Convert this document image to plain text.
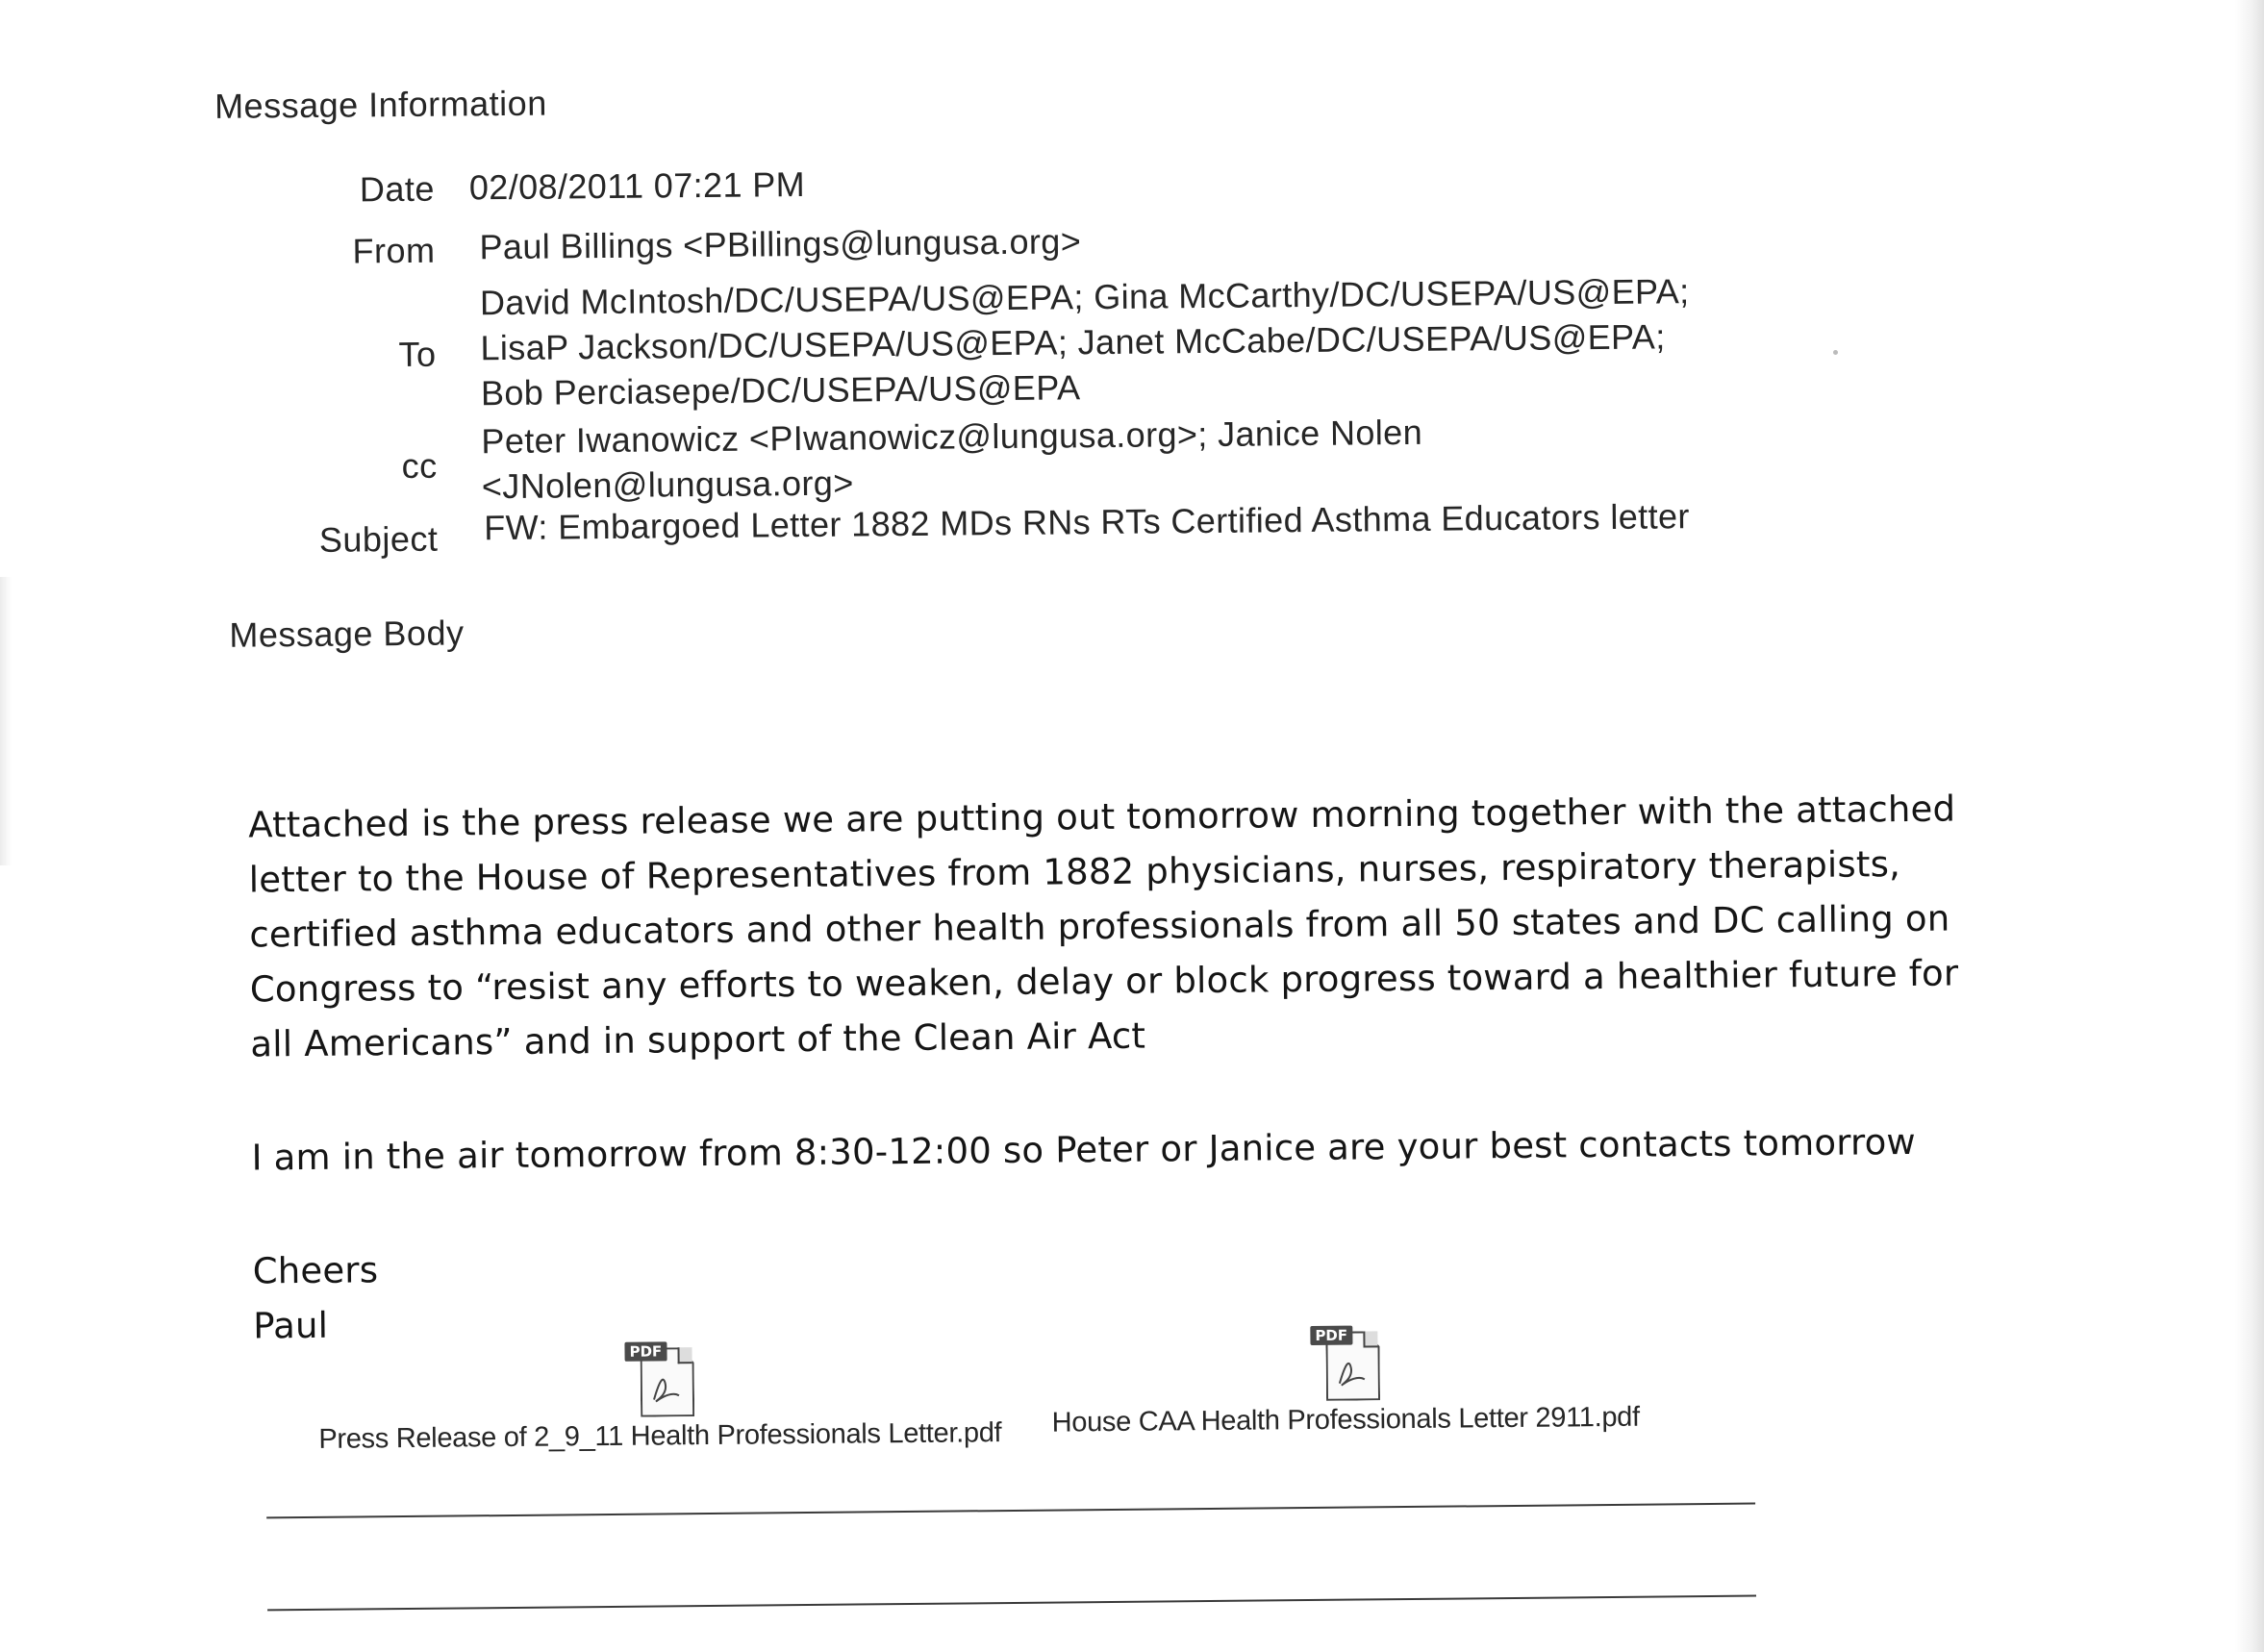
Message Information
Date 02/08/2011 07:21 PM
From Paul Billings <PBillings@lungusa.org>
To
David McIntosh/DC/USEPA/US@EPA; Gina McCarthy/DC/USEPA/US@EPA;
LisaP Jackson/DC/USEPA/US@EPA; Janet McCabe/DC/USEPA/US@EPA;
Bob Perciasepe/DC/USEPA/US@EPA
cc
Peter Iwanowicz <PIwanowicz@lungusa.org>; Janice Nolen
<JNolen@lungusa.org>
Subject FW: Embargoed Letter 1882 MDs RNs RTs Certified Asthma Educators letter
Message Body

Attached is the press release we are putting out tomorrow morning together with the attached

letter to the House of Representatives from 1882 physicians, nurses, respiratory therapists,

certified asthma educators and other health professionals from all 50 states and DC calling on

Congress to “resist any efforts to weaken, delay or block progress toward a healthier future for

all Americans” and in support of the Clean Air Act

I am in the air tomorrow from 8:30-12:00 so Peter or Janice are your best contacts tomorrow

Cheers

Paul

PDF
Press Release of 2_9_11 Health Professionals Letter.pdf
PDF
House CAA Health Professionals Letter 2911.pdf
